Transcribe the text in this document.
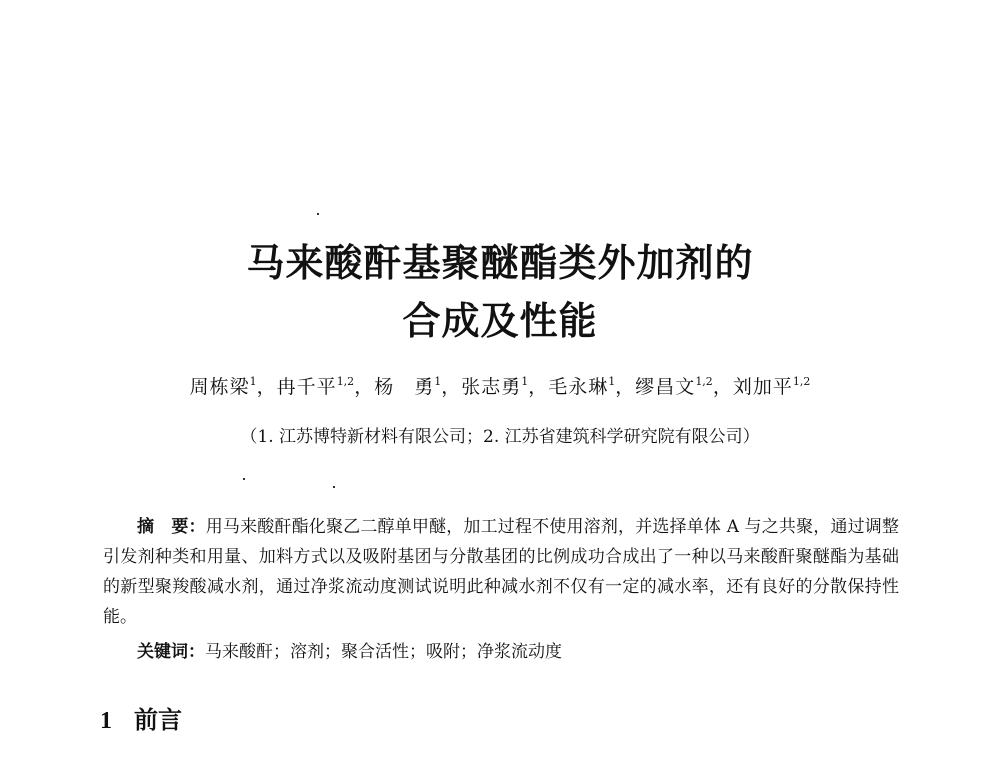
马来酸酐基聚醚酯类外加剂的
合成及性能
周栋梁$^1$，冉千平$^{1,2}$，杨　勇$^1$，张志勇$^1$，毛永琳$^1$，缪昌文$^{1,2}$，刘加平$^{1,2}$
（1. 江苏博特新材料有限公司；2. 江苏省建筑科学研究院有限公司）
摘　要：用马来酸酐酯化聚乙二醇单甲醚，加工过程不使用溶剂，并选择单体 A 与之共聚，通过调整引发剂种类和用量、加料方式以及吸附基团与分散基团的比例成功合成出了一种以马来酸酐聚醚酯为基础的新型聚羧酸减水剂，通过净浆流动度测试说明此种减水剂不仅有一定的减水率，还有良好的分散保持性能。
关键词：马来酸酐；溶剂；聚合活性；吸附；净浆流动度
1 前言
